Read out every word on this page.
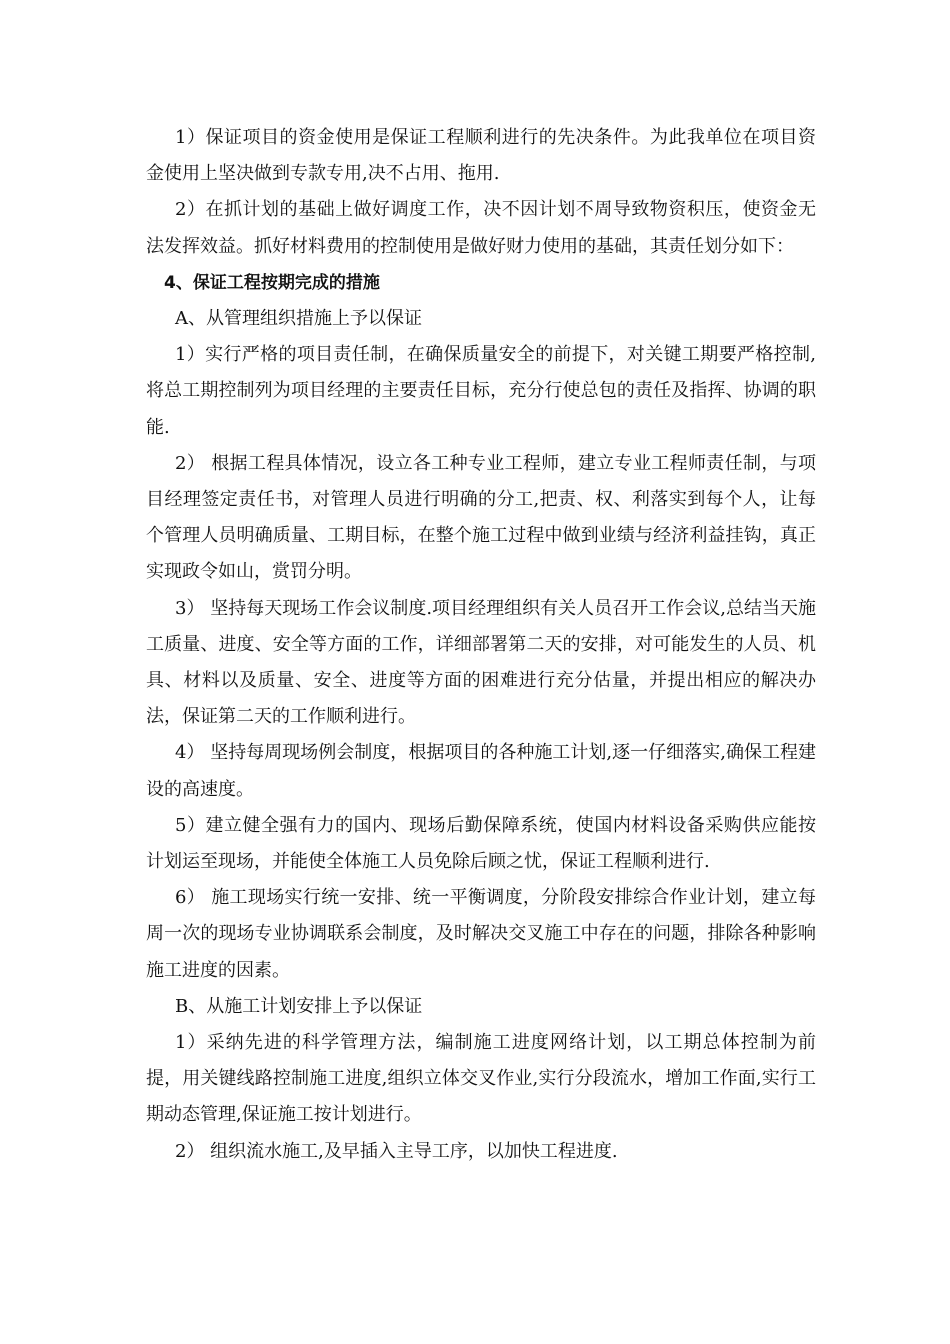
1）保证项目的资金使用是保证工程顺利进行的先决条件。为此我单位在项目资金使用上坚决做到专款专用,决不占用、拖用.

2）在抓计划的基础上做好调度工作，决不因计划不周导致物资积压，使资金无法发挥效益。抓好材料费用的控制使用是做好财力使用的基础，其责任划分如下：

4、保证工程按期完成的措施

A、从管理组织措施上予以保证

1）实行严格的项目责任制，在确保质量安全的前提下，对关键工期要严格控制,将总工期控制列为项目经理的主要责任目标，充分行使总包的责任及指挥、协调的职能.

2） 根据工程具体情况，设立各工种专业工程师，建立专业工程师责任制，与项目经理签定责任书，对管理人员进行明确的分工,把责、权、利落实到每个人，让每个管理人员明确质量、工期目标，在整个施工过程中做到业绩与经济利益挂钩，真正实现政令如山，赏罚分明。

3） 坚持每天现场工作会议制度.项目经理组织有关人员召开工作会议,总结当天施工质量、进度、安全等方面的工作，详细部署第二天的安排，对可能发生的人员、机具、材料以及质量、安全、进度等方面的困难进行充分估量，并提出相应的解决办法，保证第二天的工作顺利进行。

4） 坚持每周现场例会制度，根据项目的各种施工计划,逐一仔细落实,确保工程建设的高速度。

5）建立健全强有力的国内、现场后勤保障系统，使国内材料设备采购供应能按计划运至现场，并能使全体施工人员免除后顾之忧，保证工程顺利进行.

6） 施工现场实行统一安排、统一平衡调度，分阶段安排综合作业计划，建立每周一次的现场专业协调联系会制度，及时解决交叉施工中存在的问题，排除各种影响施工进度的因素。

B、从施工计划安排上予以保证

1）采纳先进的科学管理方法，编制施工进度网络计划，以工期总体控制为前提，用关键线路控制施工进度,组织立体交叉作业,实行分段流水，增加工作面,实行工期动态管理,保证施工按计划进行。

2） 组织流水施工,及早插入主导工序，以加快工程进度.
